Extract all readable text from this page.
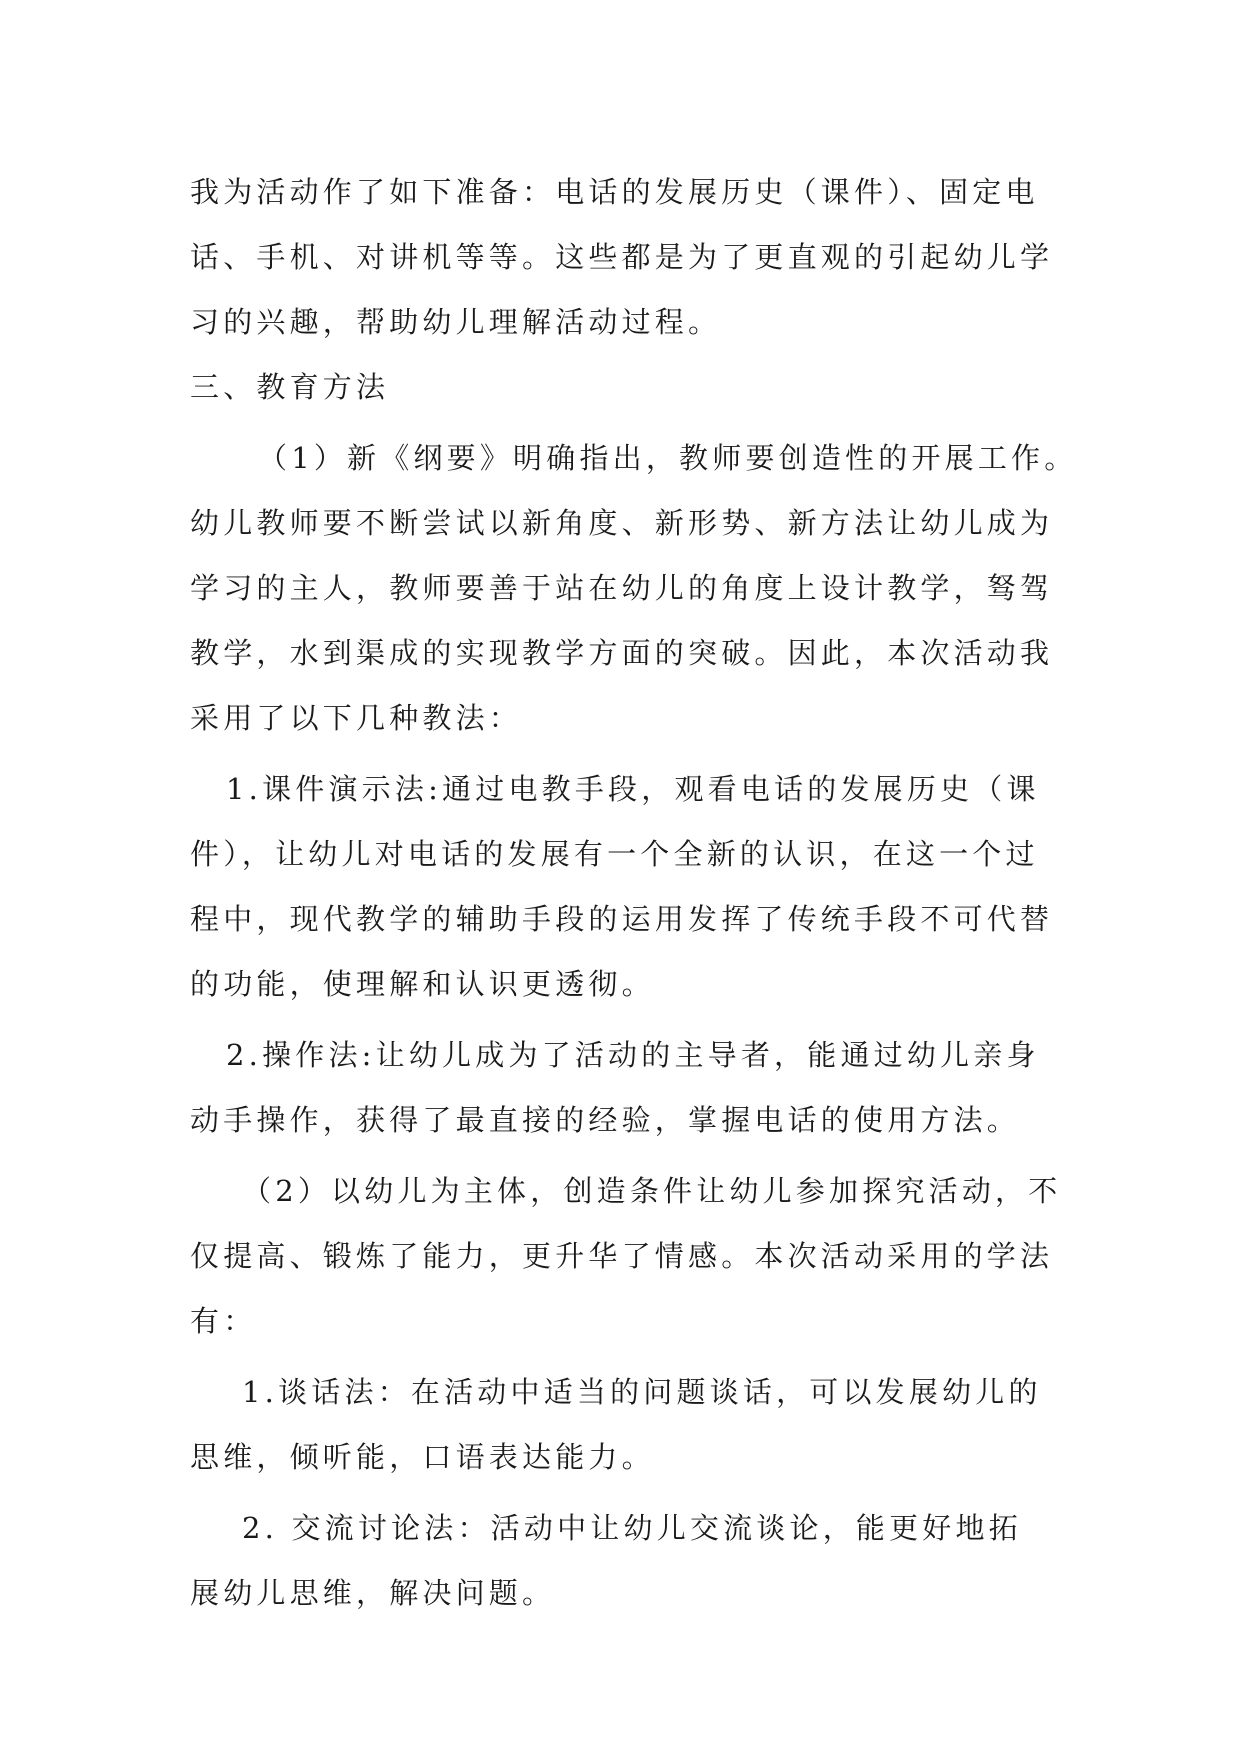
我为活动作了如下准备：电话的发展历史（课件）、固定电
话、手机、对讲机等等。这些都是为了更直观的引起幼儿学
习的兴趣，帮助幼儿理解活动过程。
三、教育方法
（1）新《纲要》明确指出，教师要创造性的开展工作。
幼儿教师要不断尝试以新角度、新形势、新方法让幼儿成为
学习的主人，教师要善于站在幼儿的角度上设计教学，驽驾
教学，水到渠成的实现教学方面的突破。因此，本次活动我
采用了以下几种教法：
1.课件演示法:通过电教手段，观看电话的发展历史（课
件），让幼儿对电话的发展有一个全新的认识，在这一个过
程中，现代教学的辅助手段的运用发挥了传统手段不可代替
的功能，使理解和认识更透彻。
2.操作法:让幼儿成为了活动的主导者，能通过幼儿亲身
动手操作，获得了最直接的经验，掌握电话的使用方法。
（2）以幼儿为主体，创造条件让幼儿参加探究活动，不
仅提高、锻炼了能力，更升华了情感。本次活动采用的学法
有：
1.谈话法：在活动中适当的问题谈话，可以发展幼儿的
思维，倾听能，口语表达能力。
2. 交流讨论法：活动中让幼儿交流谈论，能更好地拓
展幼儿思维，解决问题。
